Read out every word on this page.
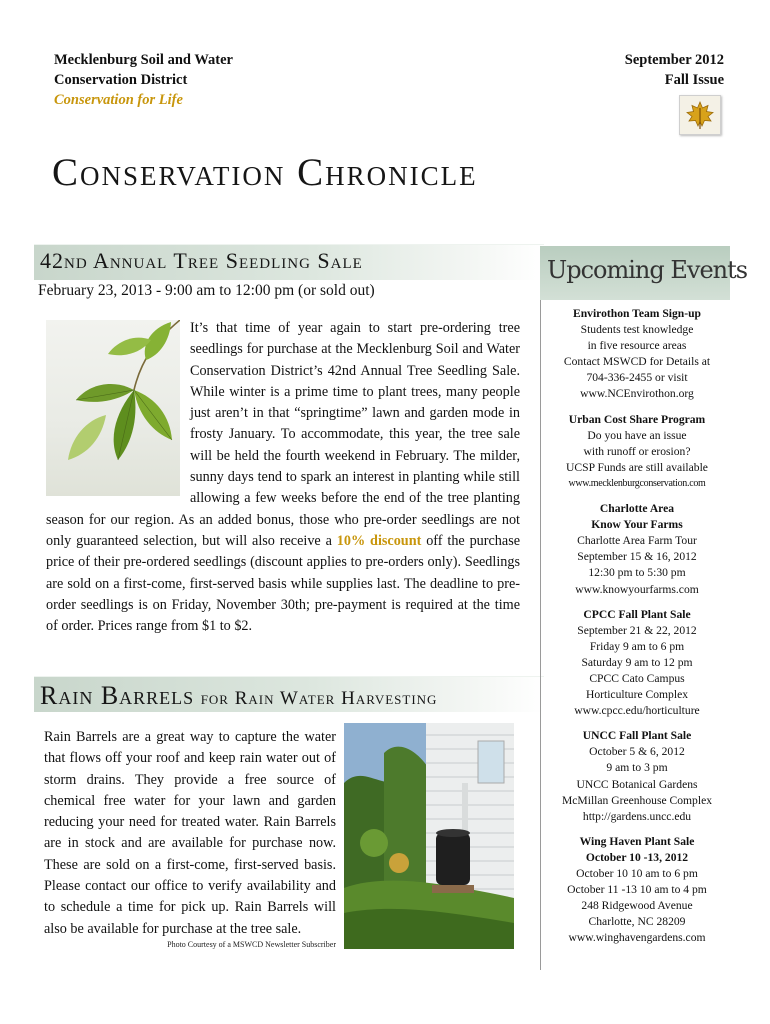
Mecklenburg Soil and Water
Conservation District
Conservation for Life
September 2012
Fall Issue
Conservation Chronicle
42nd Annual Tree Seedling Sale
February 23, 2013 - 9:00 am to 12:00 pm (or sold out)

It’s that time of year again to start pre-ordering tree seedlings for purchase at the Mecklenburg Soil and Water Conservation District’s 42nd Annual Tree Seedling Sale. While winter is a prime time to plant trees, many people just aren’t in that “springtime” lawn and garden mode in frosty January. To accommodate, this year, the tree sale will be held the fourth weekend in February. The milder, sunny days tend to spark an interest in planting while still allowing a few weeks before the end of the tree planting season for our region. As an added bonus, those who pre-order seedlings are not only guaranteed selection, but will also receive a 10% discount off the purchase price of their pre-ordered seedlings (discount applies to pre-orders only). Seedlings are sold on a first-come, first-served basis while supplies last. The deadline to pre-order seedlings is on Friday, November 30th; pre-payment is required at the time of order. Prices range from $1 to $2.

Rain Barrels for Rain Water Harvesting

Rain Barrels are a great way to capture the water that flows off your roof and keep rain water out of storm drains. They provide a free source of chemical free water for your lawn and garden reducing your need for treated water. Rain Barrels are in stock and are available for purchase now. These are sold on a first-come, first-served basis. Please contact our office to verify availability and to schedule a time for pick up. Rain Barrels will also be available for purchase at the tree sale.

Photo Courtesy of a MSWCD Newsletter Subscriber
Upcoming Events
Envirothon Team Sign-up
Students test knowledge
in five resource areas
Contact MSWCD for Details at
704-336-2455 or visit
www.NCEnvirothon.org
Urban Cost Share Program
Do you have an issue
with runoff or erosion?
UCSP Funds are still available
www.mecklenburgconservation.com
Charlotte Area
Know Your Farms
Charlotte Area Farm Tour
September 15 & 16, 2012
12:30 pm to 5:30 pm
www.knowyourfarms.com
CPCC Fall Plant Sale
September 21 & 22, 2012
Friday 9 am to 6 pm
Saturday 9 am to 12 pm
CPCC Cato Campus
Horticulture Complex
www.cpcc.edu/horticulture
UNCC Fall Plant Sale
October 5 & 6, 2012
9 am to 3 pm
UNCC Botanical Gardens
McMillan Greenhouse Complex
http://gardens.uncc.edu
Wing Haven Plant Sale
October 10 -13, 2012
October 10 10 am to 6 pm
October 11 -13 10 am to 4 pm
248 Ridgewood Avenue
Charlotte, NC 28209
www.winghavengardens.com
